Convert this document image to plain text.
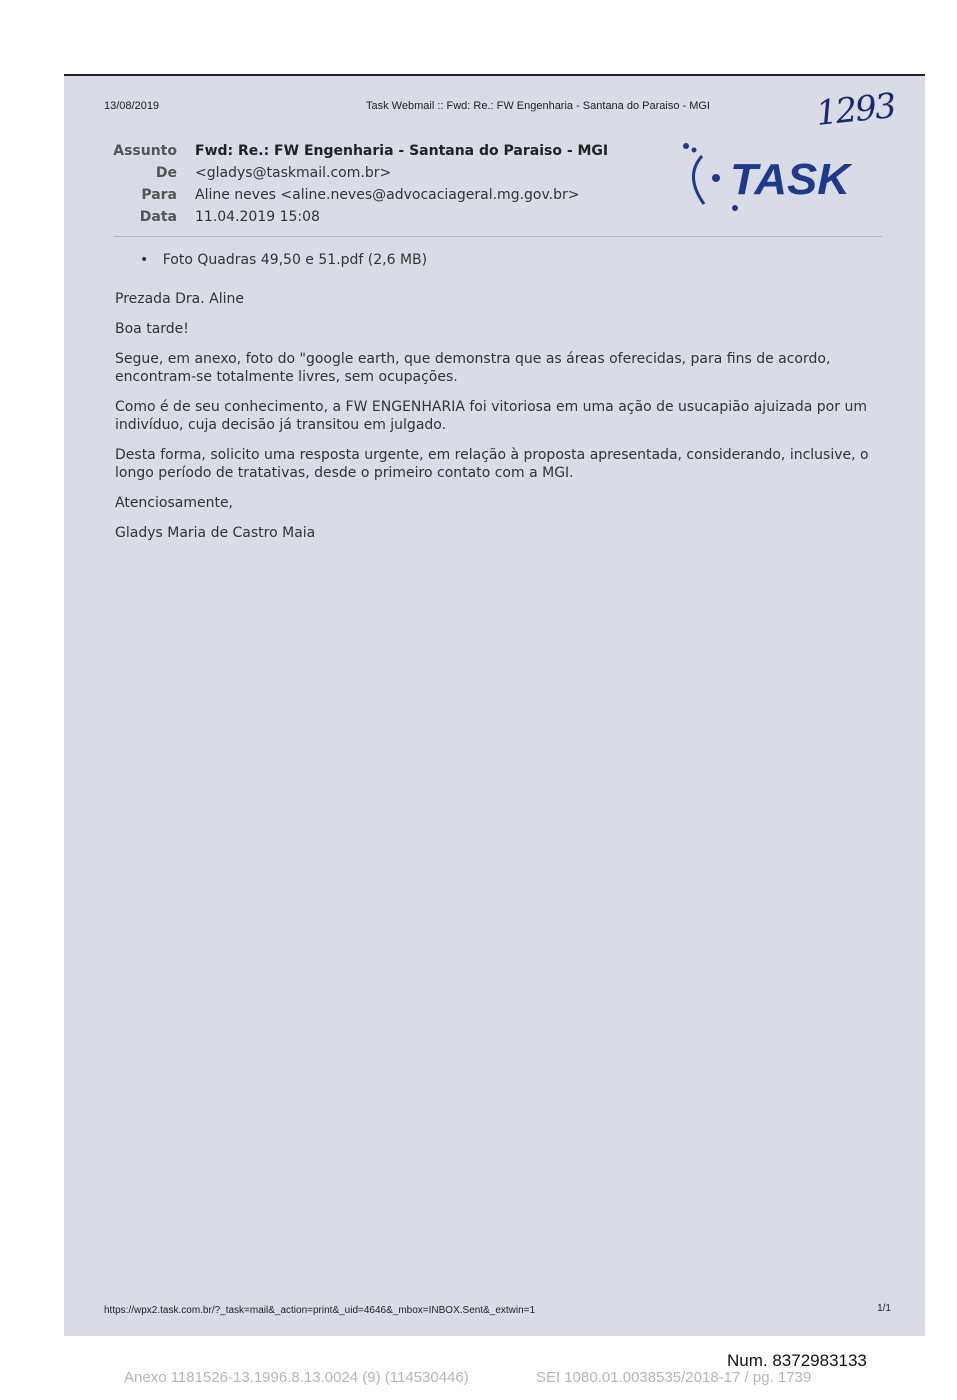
13/08/2019	Task Webmail :: Fwd: Re.: FW Engenharia - Santana do Paraiso - MGI	1293
Assunto Fwd: Re.: FW Engenharia - Santana do Paraiso - MGI
De <gladys@taskmail.com.br>
Para Aline neves <aline.neves@advocaciageral.mg.gov.br>
Data 11.04.2019 15:08
TASK
• Foto Quadras 49,50 e 51.pdf (2,6 MB)

Prezada Dra. Aline

Boa tarde!

Segue, em anexo, foto do "google earth, que demonstra que as áreas oferecidas, para fins de acordo, encontram-se totalmente livres, sem ocupações.

Como é de seu conhecimento, a FW ENGENHARIA foi vitoriosa em uma ação de usucapião ajuizada por um indivíduo, cuja decisão já transitou em julgado.

Desta forma, solicito uma resposta urgente, em relação à proposta apresentada, considerando, inclusive, o longo período de tratativas, desde o primeiro contato com a MGI.

Atenciosamente,

Gladys Maria de Castro Maia

https://wpx2.task.com.br/?_task=mail&_action=print&_uid=4646&_mbox=INBOX.Sent&_extwin=1	1/1
Num. 8372983133
Anexo 1181526-13.1996.8.13.0024 (9) (114530446)	SEI 1080.01.0038535/2018-17 / pg. 1739
